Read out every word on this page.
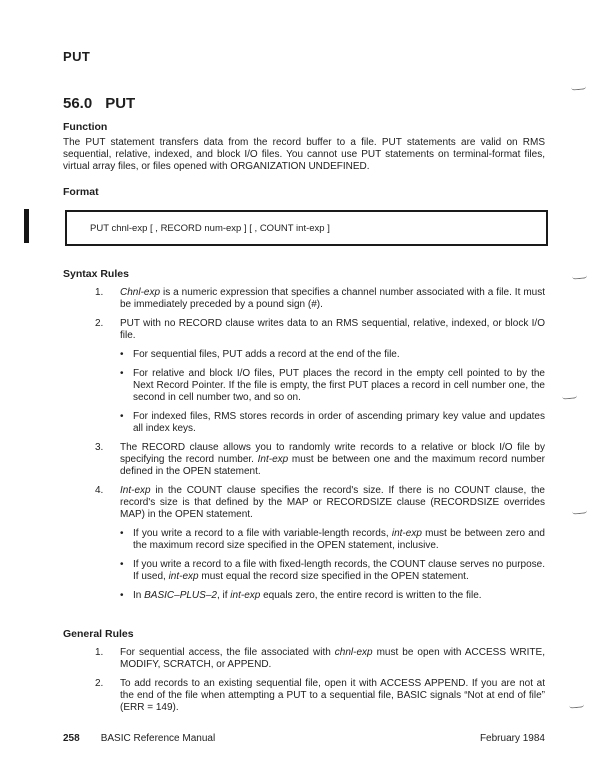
PUT
56.0 PUT
Function

The PUT statement transfers data from the record buffer to a file. PUT statements are valid on RMS sequential, relative, indexed, and block I/O files. You cannot use PUT statements on terminal-format files, virtual array files, or files opened with ORGANIZATION UNDEFINED.

Format
PUT chnl-exp [ , RECORD num-exp ] [ , COUNT int-exp ]
Syntax Rules
1.	Chnl-exp is a numeric expression that specifies a channel number associated with a file. It must be immediately preceded by a pound sign (#).

2.	PUT with no RECORD clause writes data to an RMS sequential, relative, indexed, or block I/O file.

• For sequential files, PUT adds a record at the end of the file.
• For relative and block I/O files, PUT places the record in the empty cell pointed to by the Next Record Pointer. If the file is empty, the first PUT places a record in cell number one, the second in cell number two, and so on.
• For indexed files, RMS stores records in order of ascending primary key value and updates all index keys.
3.	The RECORD clause allows you to randomly write records to a relative or block I/O file by specifying the record number. Int-exp must be between one and the maximum record number defined in the OPEN statement.

4.	Int-exp in the COUNT clause specifies the record's size. If there is no COUNT clause, the record's size is that defined by the MAP or RECORDSIZE clause (RECORDSIZE overrides MAP) in the OPEN statement.

• If you write a record to a file with variable-length records, int-exp must be between zero and the maximum record size specified in the OPEN statement, inclusive.
• If you write a record to a file with fixed-length records, the COUNT clause serves no purpose. If used, int-exp must equal the record size specified in the OPEN statement.
• In BASIC–PLUS–2, if int-exp equals zero, the entire record is written to the file.
General Rules
1.	For sequential access, the file associated with chnl-exp must be open with ACCESS WRITE, MODIFY, SCRATCH, or APPEND.

2.	To add records to an existing sequential file, open it with ACCESS APPEND. If you are not at the end of the file when attempting a PUT to a sequential file, BASIC signals “Not at end of file” (ERR = 149).

258 BASIC Reference Manual	February 1984
